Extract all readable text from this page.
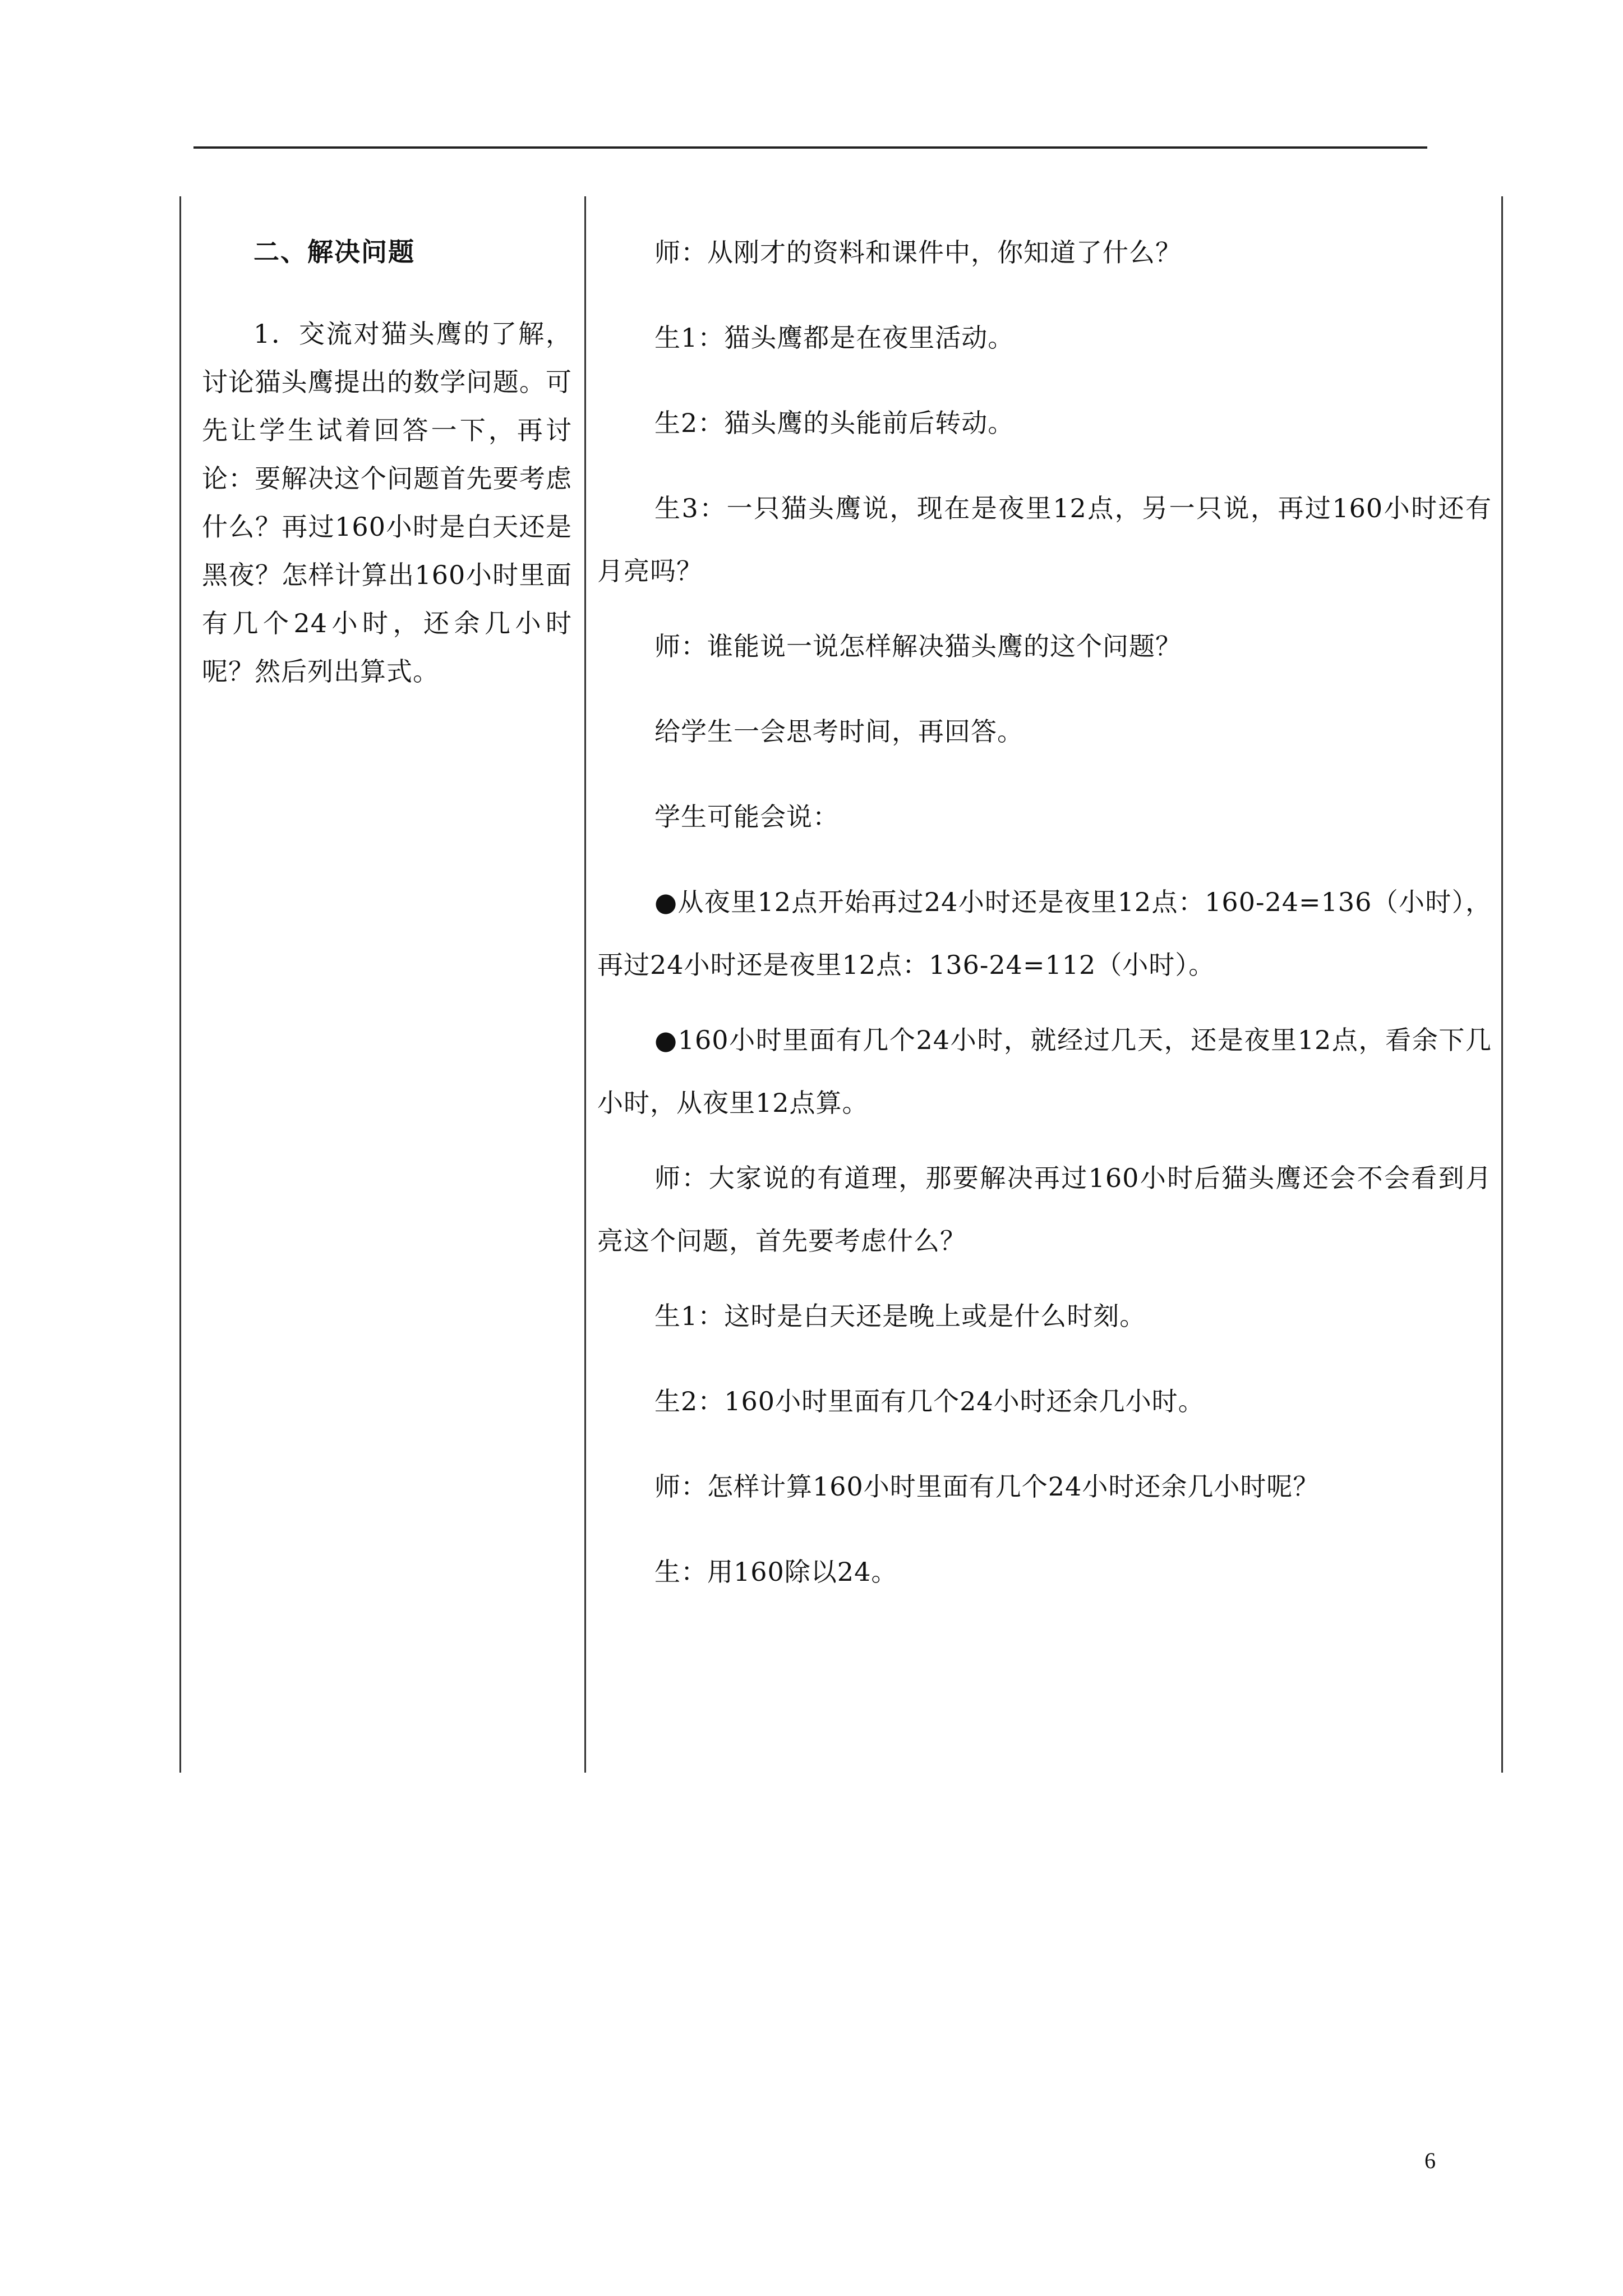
二、解决问题

1．交流对猫头鹰的了解，讨论猫头鹰提出的数学问题。可先让学生试着回答一下，再讨论：要解决这个问题首先要考虑什么？再过160小时是白天还是黑夜？怎样计算出160小时里面有几个24小时，还余几小时呢？然后列出算式。

师：从刚才的资料和课件中，你知道了什么？

生1：猫头鹰都是在夜里活动。

生2：猫头鹰的头能前后转动。

生3：一只猫头鹰说，现在是夜里12点，另一只说，再过160小时还有月亮吗？

师：谁能说一说怎样解决猫头鹰的这个问题？

给学生一会思考时间，再回答。

学生可能会说：

●从夜里12点开始再过24小时还是夜里12点：160-24=136（小时），再过24小时还是夜里12点：136-24=112（小时）。

●160小时里面有几个24小时，就经过几天，还是夜里12点，看余下几小时，从夜里12点算。

师：大家说的有道理，那要解决再过160小时后猫头鹰还会不会看到月亮这个问题，首先要考虑什么？

生1：这时是白天还是晚上或是什么时刻。

生2：160小时里面有几个24小时还余几小时。

师：怎样计算160小时里面有几个24小时还余几小时呢？

生：用160除以24。

6
